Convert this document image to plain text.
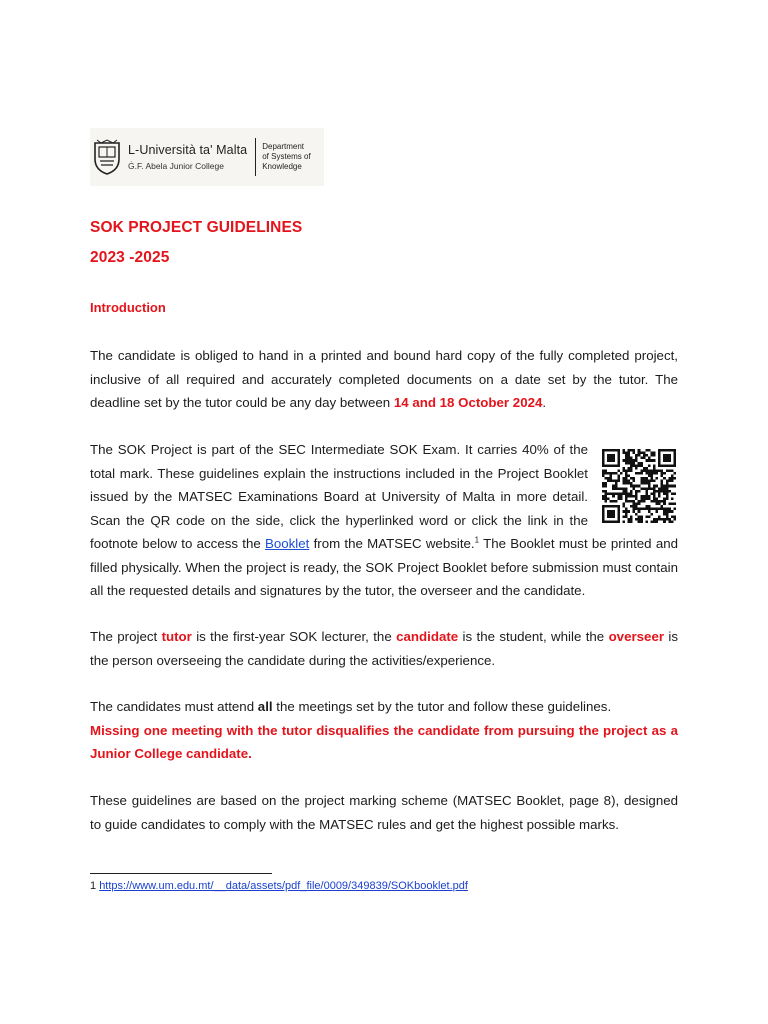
L-Università ta' Malta
Ġ.F. Abela Junior College
Department
of Systems of
Knowledge
SOK PROJECT GUIDELINES
2023 -2025
Introduction
The candidate is obliged to hand in a printed and bound hard copy of the fully completed project, inclusive of all required and accurately completed documents on a date set by the tutor. The deadline set by the tutor could be any day between 14 and 18 October 2024.
The SOK Project is part of the SEC Intermediate SOK Exam. It carries 40% of the total mark. These guidelines explain the instructions included in the Project Booklet issued by the MATSEC Examinations Board at University of Malta in more detail. Scan the QR code on the side, click the hyperlinked word or click the link in the footnote below to access the Booklet from the MATSEC website.$^1$ The Booklet must be printed and filled physically. When the project is ready, the SOK Project Booklet before submission must contain all the requested details and signatures by the tutor, the overseer and the candidate.
The project tutor is the first-year SOK lecturer, the candidate is the student, while the overseer is the person overseeing the candidate during the activities/experience.
The candidates must attend all the meetings set by the tutor and follow these guidelines.
Missing one meeting with the tutor disqualifies the candidate from pursuing the project as a Junior College candidate.
These guidelines are based on the project marking scheme (MATSEC Booklet, page 8), designed to guide candidates to comply with the MATSEC rules and get the highest possible marks.
1 https://www.um.edu.mt/__data/assets/pdf_file/0009/349839/SOKbooklet.pdf
